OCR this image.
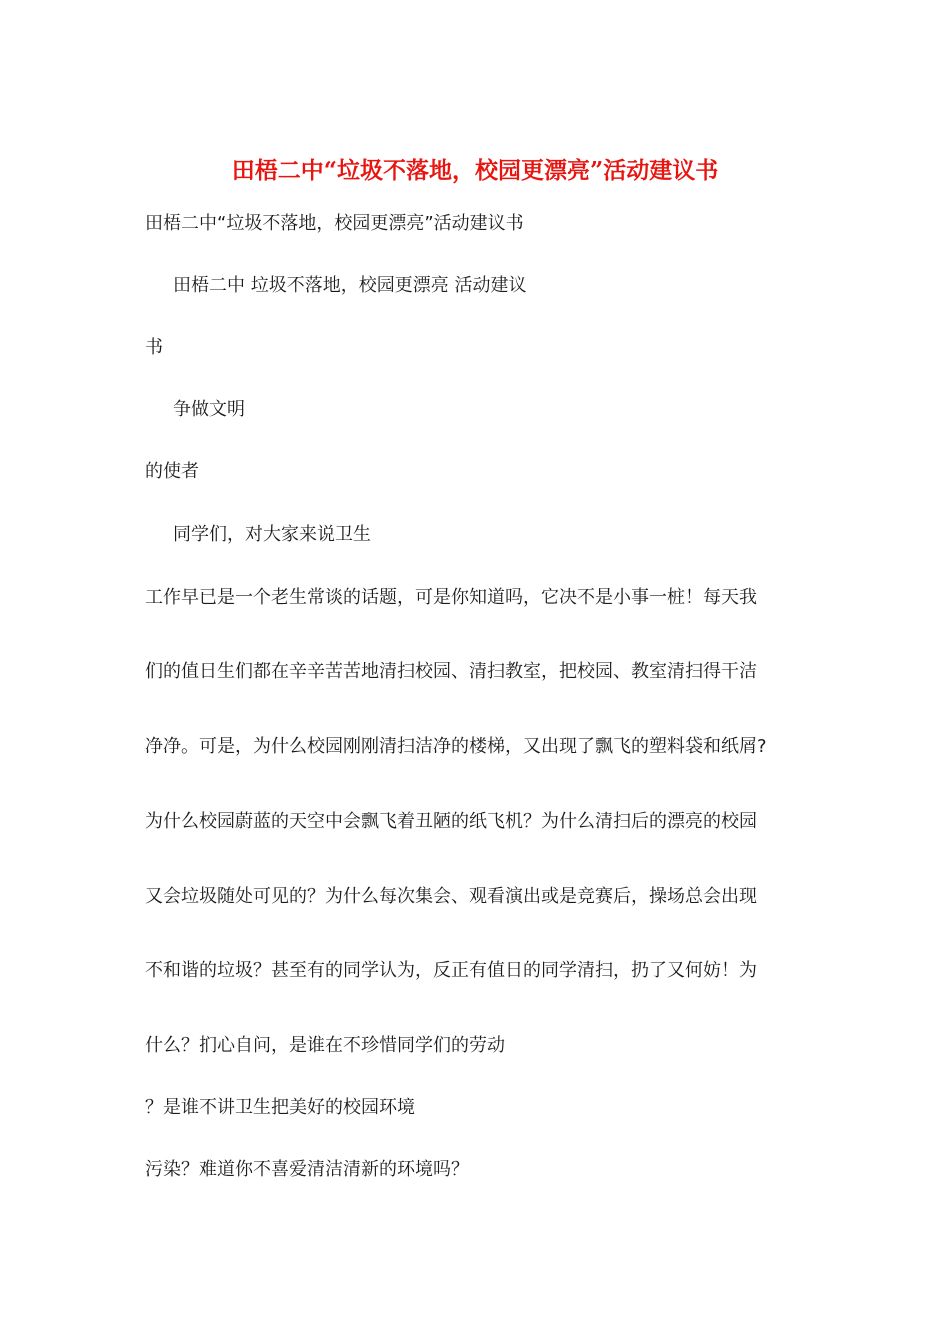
田梧二中“垃圾不落地，校园更漂亮”活动建议书
田梧二中“垃圾不落地，校园更漂亮”活动建议书
田梧二中 垃圾不落地，校园更漂亮 活动建议
书
争做文明
的使者
同学们，对大家来说卫生
工作早已是一个老生常谈的话题，可是你知道吗，它决不是小事一桩！每天我
们的值日生们都在辛辛苦苦地清扫校园、清扫教室，把校园、教室清扫得干洁
净净。可是，为什么校园刚刚清扫洁净的楼梯，又出现了飘飞的塑料袋和纸屑?
为什么校园蔚蓝的天空中会飘飞着丑陋的纸飞机？为什么清扫后的漂亮的校园
又会垃圾随处可见的？为什么每次集会、观看演出或是竞赛后，操场总会出现
不和谐的垃圾？甚至有的同学认为，反正有值日的同学清扫，扔了又何妨！为
什么？扪心自问，是谁在不珍惜同学们的劳动
？是谁不讲卫生把美好的校园环境
污染？难道你不喜爱清洁清新的环境吗？
